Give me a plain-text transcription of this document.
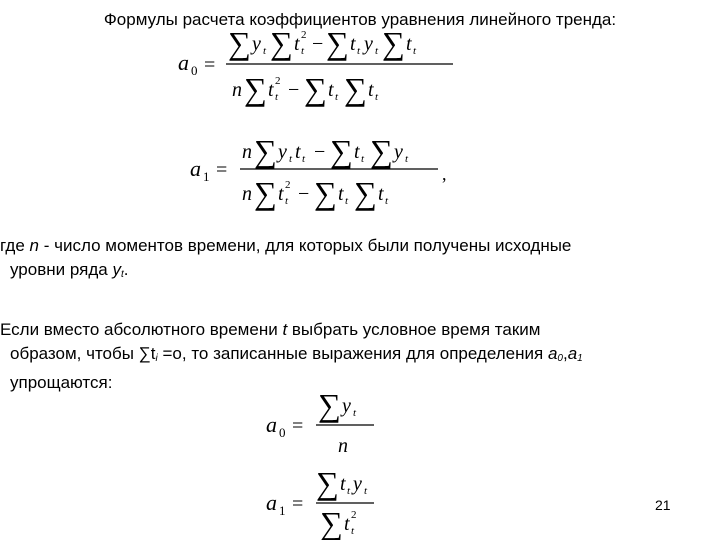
Формулы расчета коэффициентов уравнения линейного тренда:
a 0 =
∑ y t ∑ t t
2 − ∑ t t y t ∑ t t
n ∑ t t
2 − ∑ t t ∑ t t
a 1 =
n ∑ y t t t − ∑ t t ∑ y t
n ∑ t t
2 − ∑ t t ∑ t t
,
где n - число моментов времени, для которых были получены исходные
уровни ряда $y_t$.
Если вместо абсолютного времени t выбрать условное время таким
образом, чтобы $\sum t_i =о$, то записанные выражения для определения $a_0,a_1$
упрощаются:
a 0 =
∑ y t
n
a 1 =
∑ t t y t
∑ t t
2
21
